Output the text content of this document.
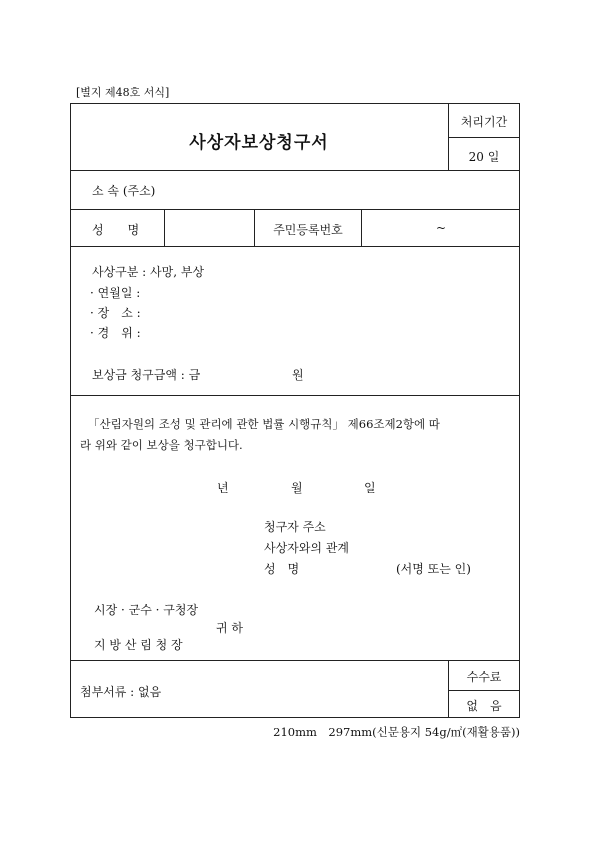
[별지 제48호 서식]
사상자보상청구서
처리기간
20 일
소 속 (주소)
성　　명	주민등록번호	~
사상구분 : 사망, 부상
· 연월일 :
· 장　소 :
· 경　위 :
보상금 청구금액 : 금	원
「산림자원의 조성 및 관리에 관한 법률 시행규칙」 제66조제2항에 따
라 위와 같이 보상을 청구합니다.
년	월	일
청구자 주소
사상자와의 관계
성　명	(서명 또는 인)
시장 · 군수 · 구청장
귀 하
지 방 산 림 청 장
첨부서류 : 없음
수수료
없　음
210mm　297mm(신문용지 54g/㎡(재활용품))
